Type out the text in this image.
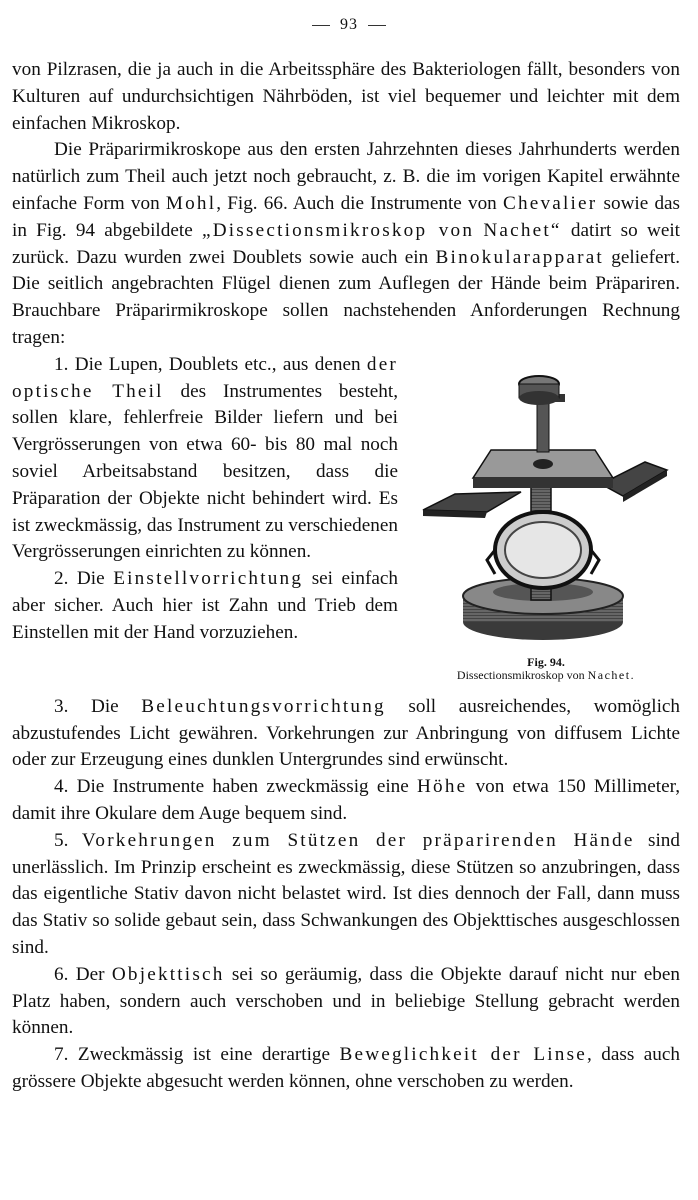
93

von Pilzrasen, die ja auch in die Arbeitssphäre des Bakteriologen fällt, besonders von Kulturen auf undurchsichtigen Nährböden, ist viel bequemer und leichter mit dem einfachen Mikroskop.

Die Präparirmikroskope aus den ersten Jahrzehnten dieses Jahrhunderts werden natürlich zum Theil auch jetzt noch gebraucht, z. B. die im vorigen Kapitel erwähnte einfache Form von Mohl, Fig. 66. Auch die Instrumente von Chevalier sowie das in Fig. 94 abgebildete „Dissectionsmikroskop von Nachet“ datirt so weit zurück. Dazu wurden zwei Doublets sowie auch ein Binokularapparat geliefert. Die seitlich angebrachten Flügel dienen zum Auflegen der Hände beim Präpariren. Brauchbare Präparirmikroskope sollen nachstehenden Anforderungen Rechnung tragen:

Fig. 94.
Dissectionsmikroskop von Nachet.

1. Die Lupen, Doublets etc., aus denen der optische Theil des Instrumentes besteht, sollen klare, fehlerfreie Bilder liefern und bei Vergrösserungen von etwa 60- bis 80 mal noch soviel Arbeitsabstand besitzen, dass die Präparation der Objekte nicht behindert wird. Es ist zweckmässig, das Instrument zu verschiedenen Vergrösserungen einrichten zu können.

2. Die Einstellvorrichtung sei einfach aber sicher. Auch hier ist Zahn und Trieb dem Einstellen mit der Hand vorzuziehen.

3. Die Beleuchtungsvorrichtung soll ausreichendes, womöglich abzustufendes Licht gewähren. Vorkehrungen zur Anbringung von diffusem Lichte oder zur Erzeugung eines dunklen Untergrundes sind erwünscht.

4. Die Instrumente haben zweckmässig eine Höhe von etwa 150 Millimeter, damit ihre Okulare dem Auge bequem sind.

5. Vorkehrungen zum Stützen der präparirenden Hände sind unerlässlich. Im Prinzip erscheint es zweckmässig, diese Stützen so anzubringen, dass das eigentliche Stativ davon nicht belastet wird. Ist dies dennoch der Fall, dann muss das Stativ so solide gebaut sein, dass Schwankungen des Objekttisches ausgeschlossen sind.

6. Der Objekttisch sei so geräumig, dass die Objekte darauf nicht nur eben Platz haben, sondern auch verschoben und in beliebige Stellung gebracht werden können.

7. Zweckmässig ist eine derartige Beweglichkeit der Linse, dass auch grössere Objekte abgesucht werden können, ohne verschoben zu werden.
